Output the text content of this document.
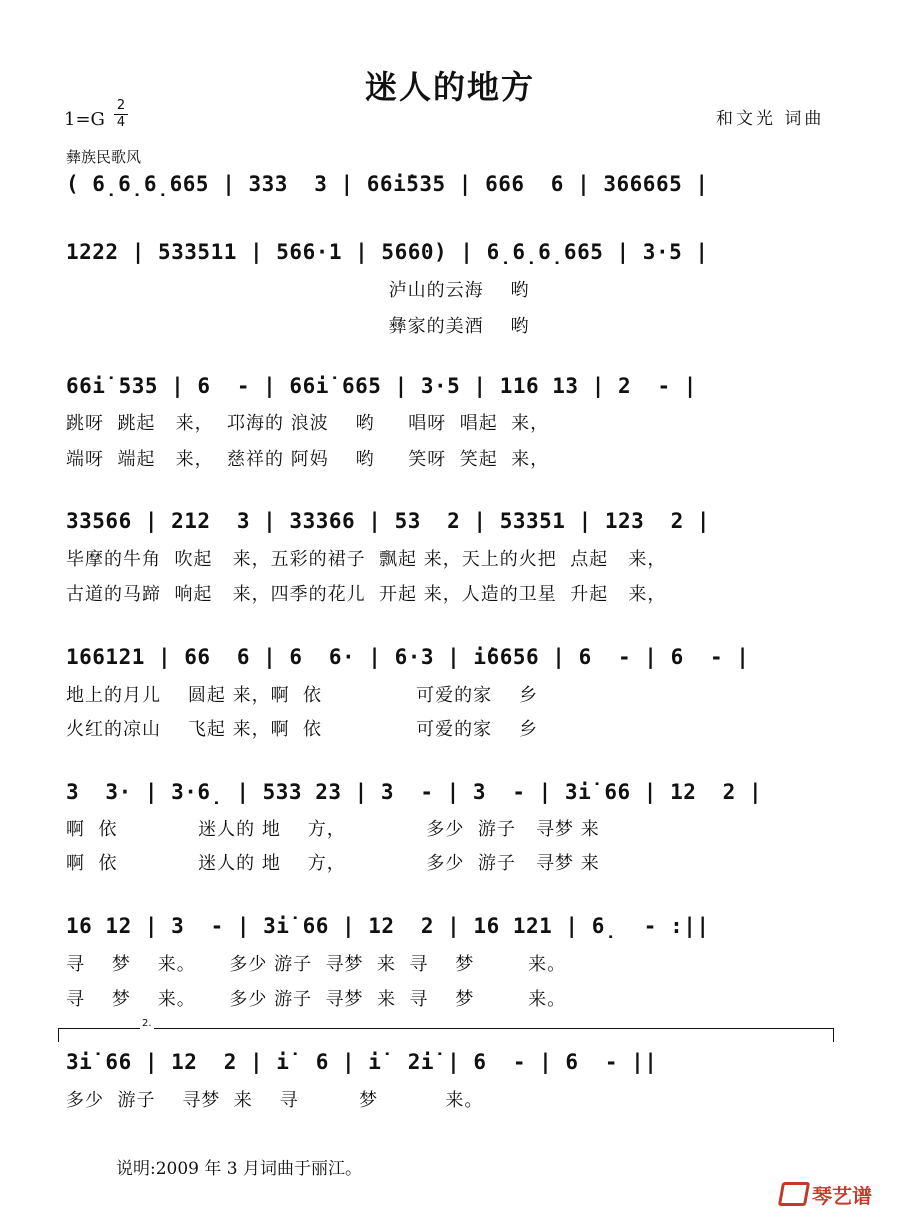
迷人的地方
$1=G \frac{2}{4}$	和文光 词曲
彝族民歌风
( 6̣6̣6̣665 | 333  3 | 66i̇535 | 666  6 | 366665 |
1222 | 533511 | 566·1 | 5660) | 6̣6̣6̣665 | 3·5 |
泸山的云海    哟
彝家的美酒    哟
66i̇ 535 | 6  - | 66i̇ 665 | 3·5 | 116 13 | 2  - |
跳呀  跳起   来，  邛海的 浪波    哟     唱呀  唱起  来，
端呀  端起   来，  慈祥的 阿妈    哟     笑呀  笑起  来，
33566 | 212  3 | 33366 | 53  2 | 53351 | 123  2 |
毕摩的牛角  吹起   来，五彩的裙子  飘起 来，天上的火把  点起   来，
古道的马蹄  响起   来，四季的花儿  开起 来，人造的卫星  升起   来，
166121 | 66  6 | 6  6· | 6·3 | i̇6656 | 6  - | 6  - |
地上的月儿    圆起 来，啊  依              可爱的家    乡
火红的凉山    飞起 来，啊  依              可爱的家    乡
3  3· | 3·6̣ | 533 23 | 3  - | 3  - | 3i̇ 66 | 12  2 |
啊  依            迷人的 地    方，            多少  游子   寻梦 来
啊  依            迷人的 地    方，            多少  游子   寻梦 来
16 12 | 3  - | 3i̇ 66 | 12  2 | 16 121 | 6̣  - :||
寻    梦    来。     多少 游子  寻梦  来  寻    梦        来。
寻    梦    来。     多少 游子  寻梦  来  寻    梦        来。
2.
3i̇ 66 | 12  2 | i̇  6 | i̇  2i̇ | 6  - | 6  - ||
多少  游子    寻梦  来    寻         梦          来。
说明:2009 年 3 月词曲于丽江。
琴艺谱
